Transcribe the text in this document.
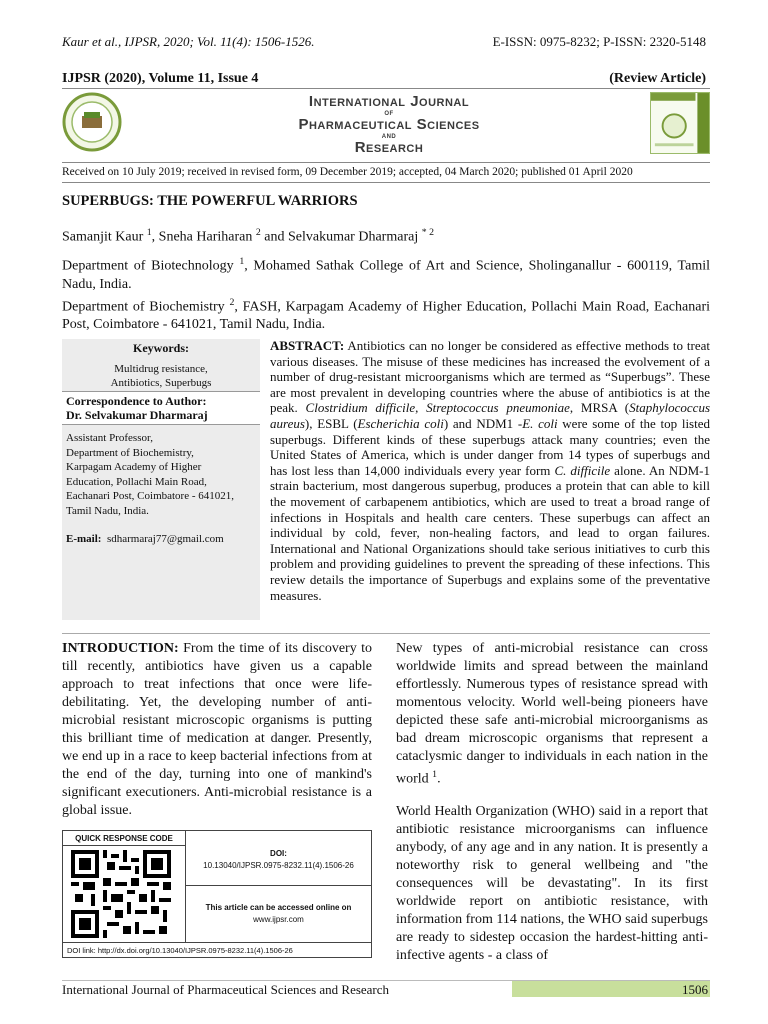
Kaur et al., IJPSR, 2020; Vol. 11(4): 1506-1526.	E-ISSN: 0975-8232; P-ISSN: 2320-5148
IJPSR (2020), Volume 11, Issue 4	(Review Article)
International Journal
of
Pharmaceutical Sciences
and
Research
Received on 10 July 2019; received in revised form, 09 December 2019; accepted, 04 March 2020; published 01 April 2020
SUPERBUGS: THE POWERFUL WARRIORS
Samanjit Kaur $^1$, Sneha Hariharan $^2$ and Selvakumar Dharmaraj $^{* 2}$
Department of Biotechnology $^1$, Mohamed Sathak College of Art and Science, Sholinganallur - 600119, Tamil Nadu, India.
Department of Biochemistry $^2$, FASH, Karpagam Academy of Higher Education, Pollachi Main Road, Eachanari Post, Coimbatore - 641021, Tamil Nadu, India.
Keywords:
Multidrug resistance,
Antibiotics, Superbugs
Correspondence to Author:
Dr. Selvakumar Dharmaraj
Assistant Professor,
Department of Biochemistry,
Karpagam Academy of Higher
Education, Pollachi Main Road,
Eachanari Post, Coimbatore - 641021,
Tamil Nadu, India.
E-mail: sdharmaraj77@gmail.com
ABSTRACT: Antibiotics can no longer be considered as effective methods to treat various diseases. The misuse of these medicines has increased the evolvement of a number of drug-resistant microorganisms which are termed as “Superbugs”. These are most prevalent in developing countries where the abuse of antibiotics is at the peak. Clostridium difficile, Streptococcus pneumoniae, MRSA (Staphylococcus aureus), ESBL (Escherichia coli) and NDM1 -E. coli were some of the top listed superbugs. Different kinds of these superbugs attack many countries; even the United States of America, which is under danger from 14 types of superbugs and has lost less than 14,000 individuals every year form C. difficile alone. An NDM-1 strain bacterium, most dangerous superbug, produces a protein that can able to kill the movement of carbapenem antibiotics, which are used to treat a broad range of infections in Hospitals and health care centers. These superbugs can affect an individual by cold, fever, non-healing factors, and lead to organ failures. International and National Organizations should take serious initiatives to curb this problem and providing guidelines to prevent the spreading of these infections. This review details the importance of Superbugs and explains some of the preventative measures.
INTRODUCTION: From the time of its discovery to till recently, antibiotics have given us a capable approach to treat infections that once were life-debilitating. Yet, the developing number of anti-microbial resistant microscopic organisms is putting this brilliant time of medication at danger. Presently, we end up in a race to keep bacterial infections from at the end of the day, turning into one of mankind's significant executioners. Anti-microbial resistance is a global issue.

New types of anti-microbial resistance can cross worldwide limits and spread between the mainland effortlessly. Numerous types of resistance spread with momentous velocity. World well-being pioneers have depicted these safe anti-microbial microorganisms as bad dream microscopic organisms that represent a cataclysmic danger to individuals in each nation in the world $^1$.

World Health Organization (WHO) said in a report that antibiotic resistance microorganisms can influence anybody, of any age and in any nation. It is presently a noteworthy risk to general wellbeing and "the consequences will be devastating". In its first worldwide report on antibiotic resistance, with information from 114 nations, the WHO said superbugs are ready to sidestep occasion the hardest-hitting anti-infective agents - a class of

QUICK RESPONSE CODE
DOI:
10.13040/IJPSR.0975-8232.11(4).1506-26
This article can be accessed online on
www.ijpsr.com
DOI link: http://dx.doi.org/10.13040/IJPSR.0975-8232.11(4).1506-26
International Journal of Pharmaceutical Sciences and Research	1506
